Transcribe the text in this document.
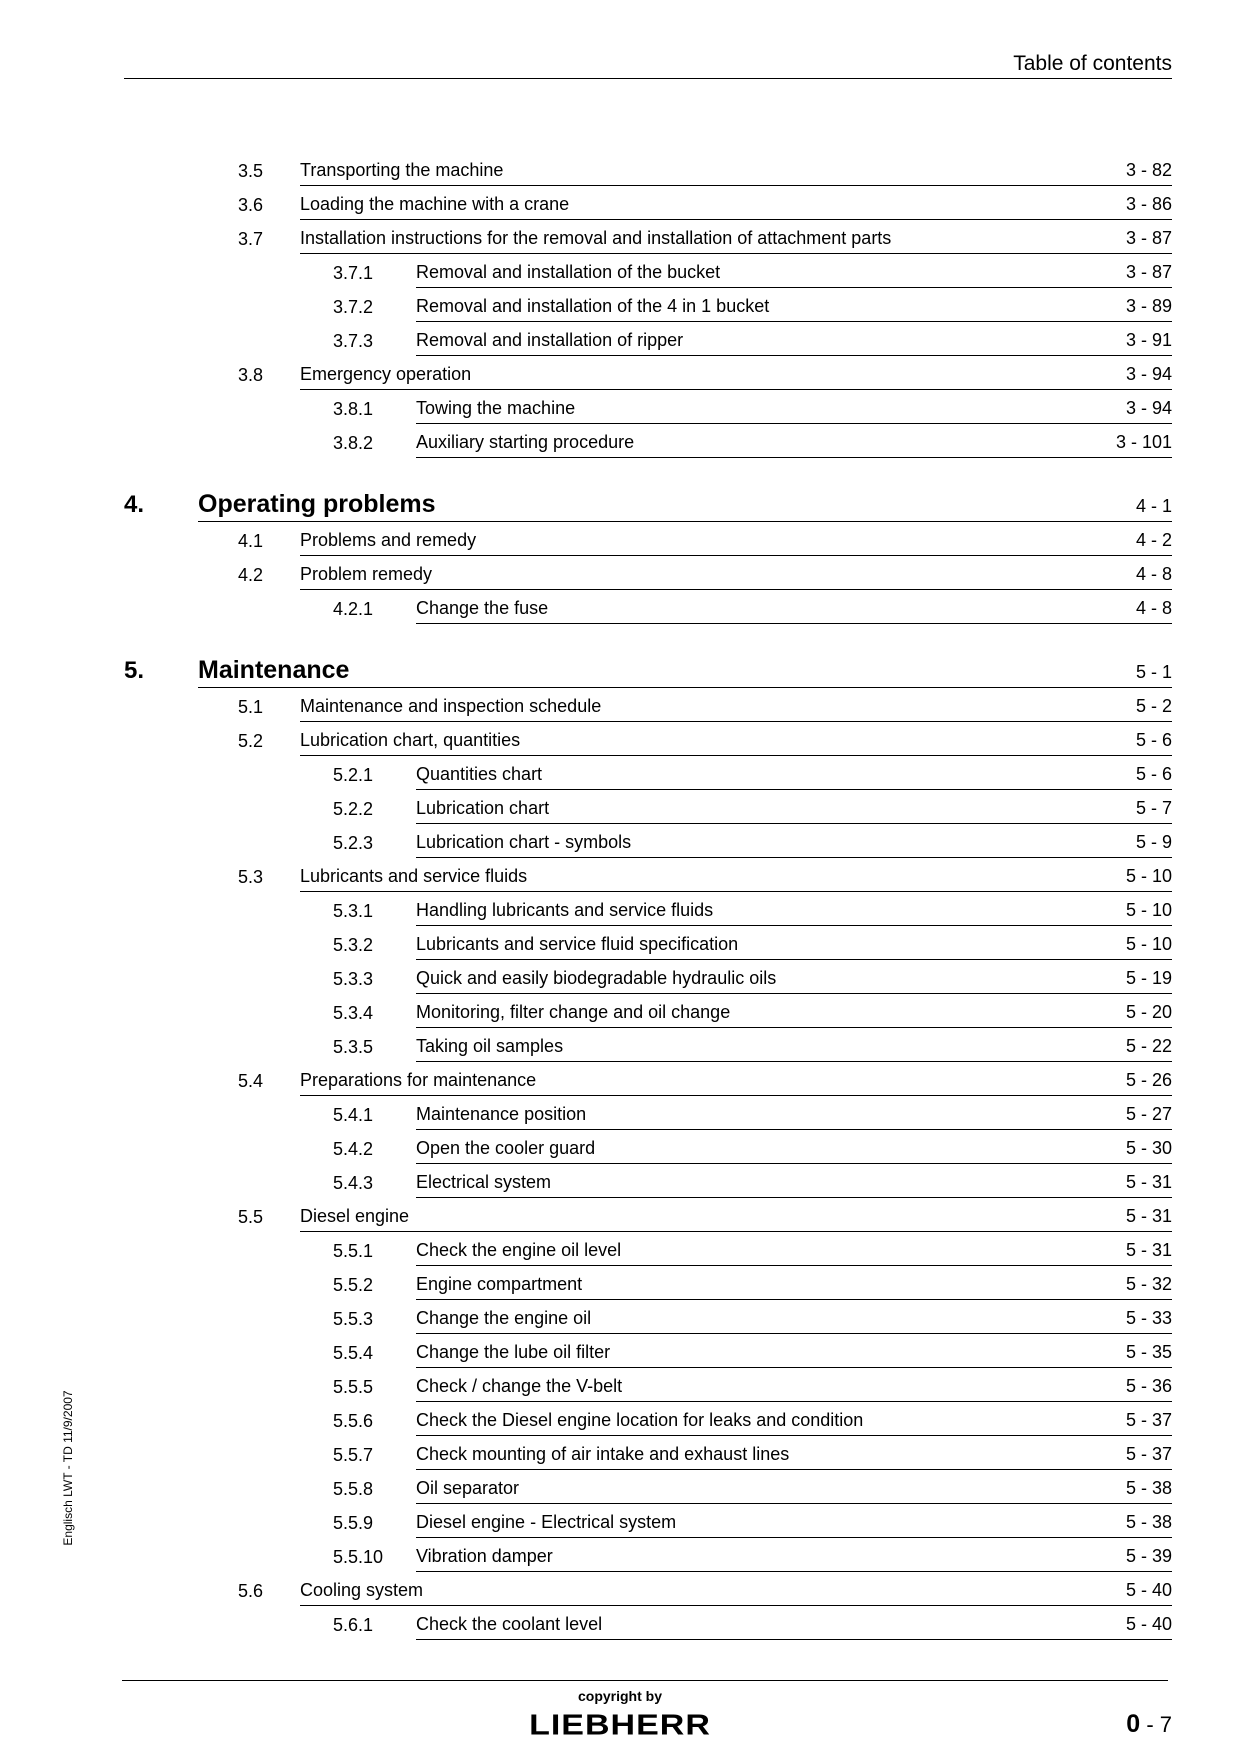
Table of contents
3.5 Transporting the machine	3 - 82
3.6 Loading the machine with a crane	3 - 86
3.7 Installation instructions for the removal and installation of attachment parts	3 - 87
3.7.1 Removal and installation of the bucket	3 - 87
3.7.2 Removal and installation of the 4 in 1 bucket	3 - 89
3.7.3 Removal and installation of ripper	3 - 91
3.8 Emergency operation	3 - 94
3.8.1 Towing the machine	3 - 94
3.8.2 Auxiliary starting procedure	3 - 101
4. Operating problems	4 - 1
4.1 Problems and remedy	4 - 2
4.2 Problem remedy	4 - 8
4.2.1 Change the fuse	4 - 8
5. Maintenance	5 - 1
5.1 Maintenance and inspection schedule	5 - 2
5.2 Lubrication chart, quantities	5 - 6
5.2.1 Quantities chart	5 - 6
5.2.2 Lubrication chart	5 - 7
5.2.3 Lubrication chart - symbols	5 - 9
5.3 Lubricants and service fluids	5 - 10
5.3.1 Handling lubricants and service fluids	5 - 10
5.3.2 Lubricants and service fluid specification	5 - 10
5.3.3 Quick and easily biodegradable hydraulic oils	5 - 19
5.3.4 Monitoring, filter change and oil change	5 - 20
5.3.5 Taking oil samples	5 - 22
5.4 Preparations for maintenance	5 - 26
5.4.1 Maintenance position	5 - 27
5.4.2 Open the cooler guard	5 - 30
5.4.3 Electrical system	5 - 31
5.5 Diesel engine	5 - 31
5.5.1 Check the engine oil level	5 - 31
5.5.2 Engine compartment	5 - 32
5.5.3 Change the engine oil	5 - 33
5.5.4 Change the lube oil filter	5 - 35
5.5.5 Check / change the V-belt	5 - 36
5.5.6 Check the Diesel engine location for leaks and condition	5 - 37
5.5.7 Check mounting of air intake and exhaust lines	5 - 37
5.5.8 Oil separator	5 - 38
5.5.9 Diesel engine - Electrical system	5 - 38
5.5.10 Vibration damper	5 - 39
5.6 Cooling system	5 - 40
5.6.1 Check the coolant level	5 - 40
Englisch LWT - TD 11/9/2007
copyright by
LIEBHERR	0 - 7
